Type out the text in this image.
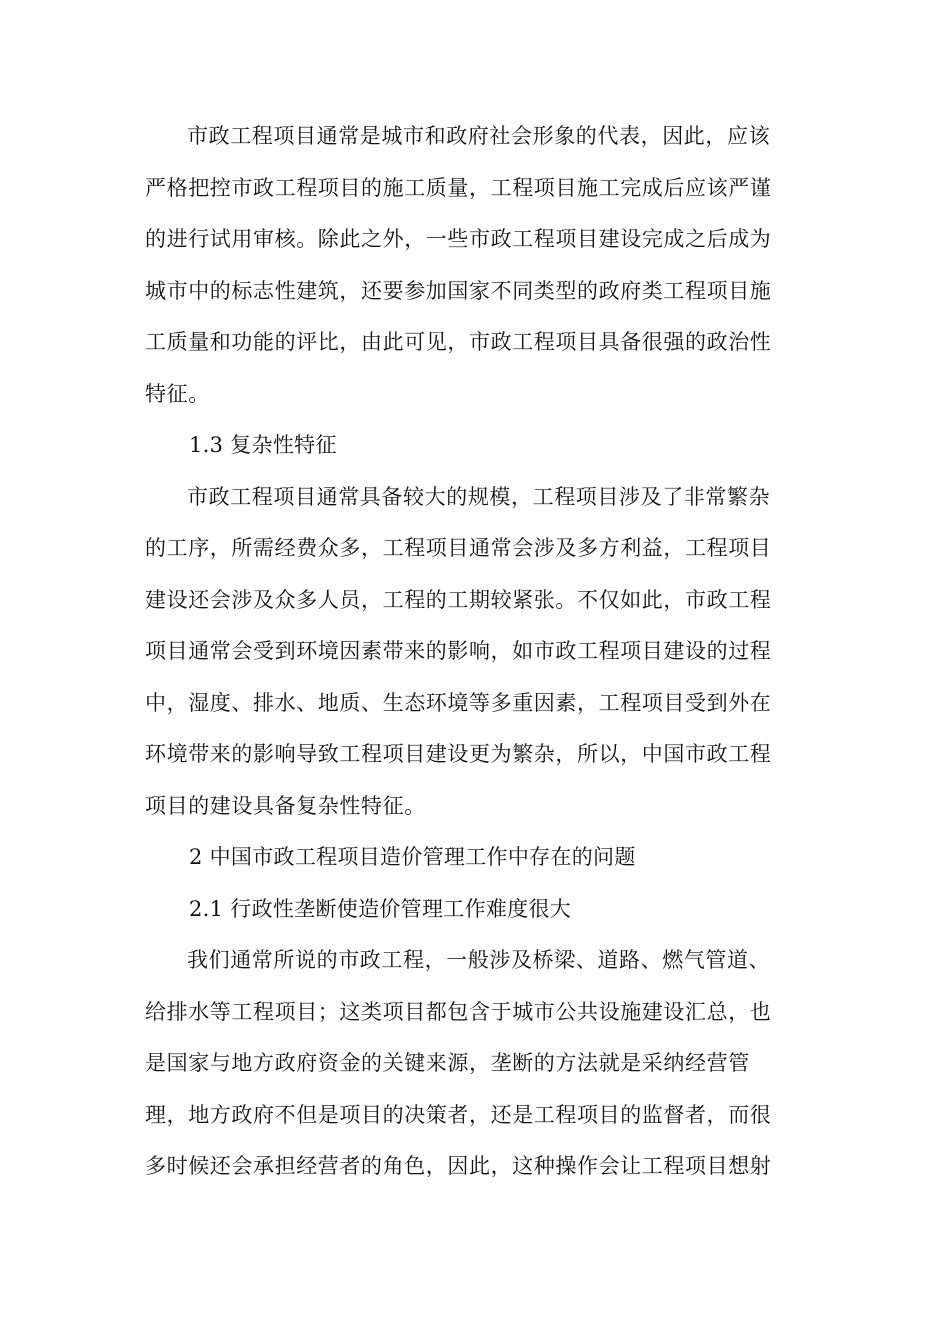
市政工程项目通常是城市和政府社会形象的代表，因此，应该
严格把控市政工程项目的施工质量，工程项目施工完成后应该严谨
的进行试用审核。除此之外，一些市政工程项目建设完成之后成为
城市中的标志性建筑，还要参加国家不同类型的政府类工程项目施
工质量和功能的评比，由此可见，市政工程项目具备很强的政治性
特征。
1.3 复杂性特征
市政工程项目通常具备较大的规模，工程项目涉及了非常繁杂
的工序，所需经费众多，工程项目通常会涉及多方利益，工程项目
建设还会涉及众多人员，工程的工期较紧张。不仅如此，市政工程
项目通常会受到环境因素带来的影响，如市政工程项目建设的过程
中，湿度、排水、地质、生态环境等多重因素，工程项目受到外在
环境带来的影响导致工程项目建设更为繁杂，所以，中国市政工程
项目的建设具备复杂性特征。
2 中国市政工程项目造价管理工作中存在的问题
2.1 行政性垄断使造价管理工作难度很大
我们通常所说的市政工程，一般涉及桥梁、道路、燃气管道、
给排水等工程项目；这类项目都包含于城市公共设施建设汇总，也
是国家与地方政府资金的关键来源，垄断的方法就是采纳经营管
理，地方政府不但是项目的决策者，还是工程项目的监督者，而很
多时候还会承担经营者的角色，因此，这种操作会让工程项目想射
